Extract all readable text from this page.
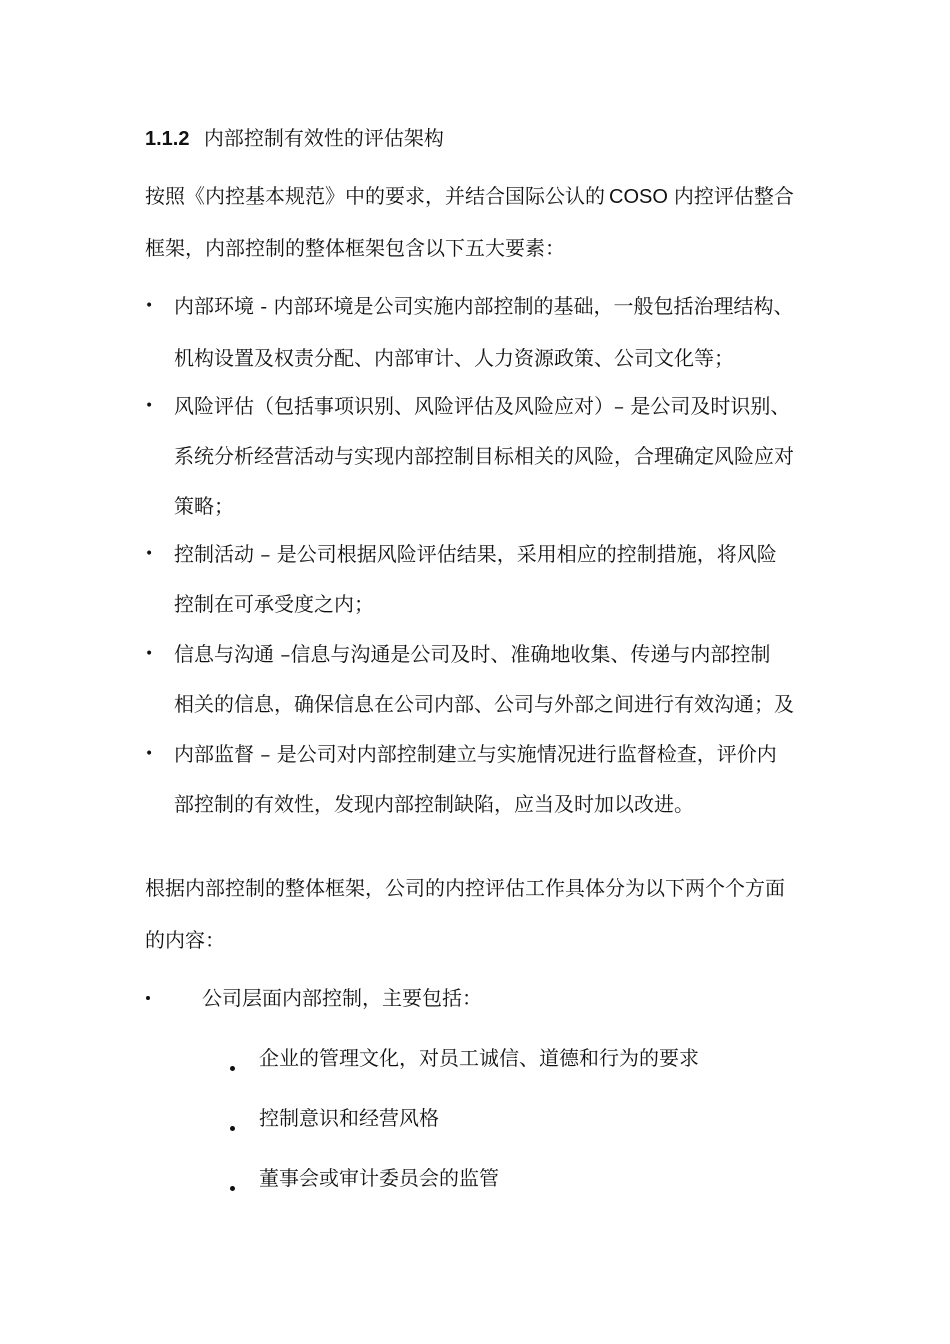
1.1.2 内部控制有效性的评估架构
按照《内控基本规范》中的要求，并结合国际公认的 COSO 内控评估整合
框架，内部控制的整体框架包含以下五大要素：
• 内部环境 - 内部环境是公司实施内部控制的基础，一般包括治理结构、
机构设置及权责分配、内部审计、人力资源政策、公司文化等；
• 风险评估（包括事项识别、风险评估及风险应对）– 是公司及时识别、
系统分析经营活动与实现内部控制目标相关的风险，合理确定风险应对
策略；
• 控制活动 – 是公司根据风险评估结果，采用相应的控制措施，将风险
控制在可承受度之内；
• 信息与沟通 –信息与沟通是公司及时、准确地收集、传递与内部控制
相关的信息，确保信息在公司内部、公司与外部之间进行有效沟通；及
• 内部监督 – 是公司对内部控制建立与实施情况进行监督检查，评价内
部控制的有效性，发现内部控制缺陷，应当及时加以改进。
根据内部控制的整体框架，公司的内控评估工作具体分为以下两个个方面
的内容：
公司层面内部控制，主要包括：
企业的管理文化，对员工诚信、道德和行为的要求
控制意识和经营风格
董事会或审计委员会的监管
